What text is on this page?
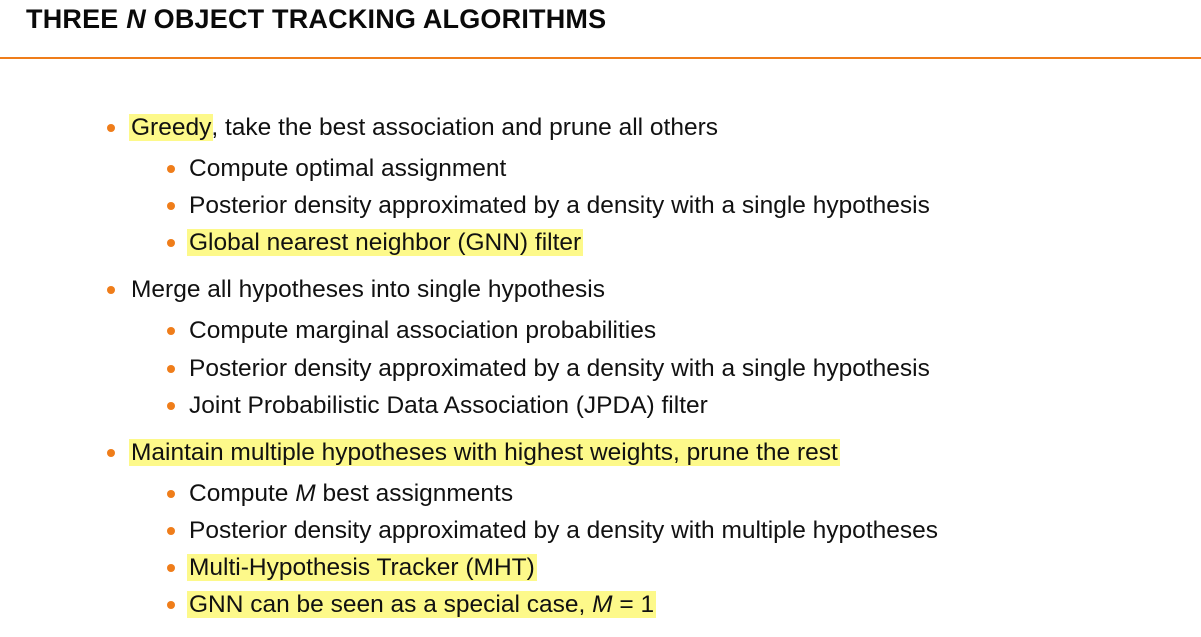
THREE N OBJECT TRACKING ALGORITHMS
Greedy, take the best association and prune all others
Compute optimal assignment
Posterior density approximated by a density with a single hypothesis
Global nearest neighbor (GNN) filter
Merge all hypotheses into single hypothesis
Compute marginal association probabilities
Posterior density approximated by a density with a single hypothesis
Joint Probabilistic Data Association (JPDA) filter
Maintain multiple hypotheses with highest weights, prune the rest
Compute M best assignments
Posterior density approximated by a density with multiple hypotheses
Multi-Hypothesis Tracker (MHT)
GNN can be seen as a special case, M = 1
